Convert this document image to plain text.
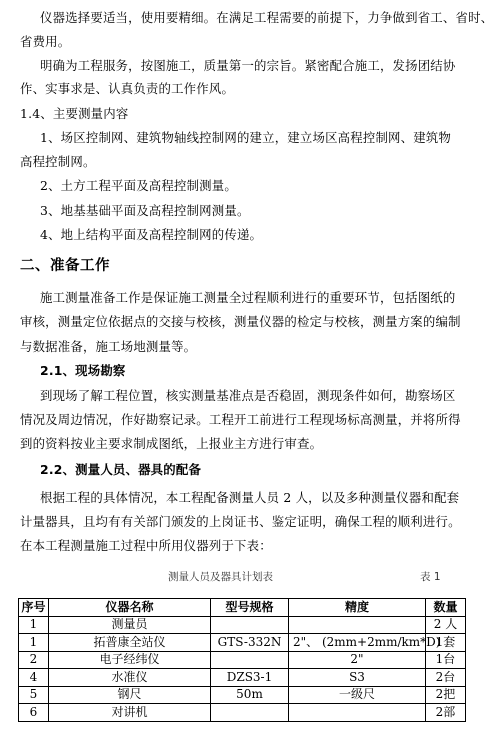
仪器选择要适当，使用要精细。在满足工程需要的前提下，力争做到省工、省时、
省费用。
明确为工程服务，按图施工，质量第一的宗旨。紧密配合施工，发扬团结协
作、实事求是、认真负责的工作作风。
1.4、主要测量内容
1、场区控制网、建筑物轴线控制网的建立，建立场区高程控制网、建筑物
高程控制网。
2、土方工程平面及高程控制测量。
3、地基基础平面及高程控制网测量。
4、地上结构平面及高程控制网的传递。
二、准备工作
施工测量准备工作是保证施工测量全过程顺利进行的重要环节，包括图纸的
审核，测量定位依据点的交接与校核，测量仪器的检定与校核，测量方案的编制
与数据准备，施工场地测量等。
2.1、现场勘察
到现场了解工程位置，核实测量基准点是否稳固，测现条件如何，勘察场区
情况及周边情况，作好勘察记录。工程开工前进行工程现场标高测量，并将所得
到的资料按业主要求制成图纸，上报业主方进行审查。
2.2、测量人员、器具的配备
根据工程的具体情况，本工程配备测量人员 2 人，以及多种测量仪器和配套
计量器具，且均有有关部门颁发的上岗证书、鉴定证明，确保工程的顺利进行。
在本工程测量施工过程中所用仪器列于下表：
测量人员及器具计划表	表 1
序号	仪器名称	型号规格	精度	数量
1	测量员			2 人
1	拓普康全站仪	GTS-332N	2"、 (2mm+2mm/km*D)	1套
2	电子经纬仪		2"	1台
4	水准仪	DZS3-1	S3	2台
5	钢尺	50m	一级尺	2把
6	对讲机			2部
